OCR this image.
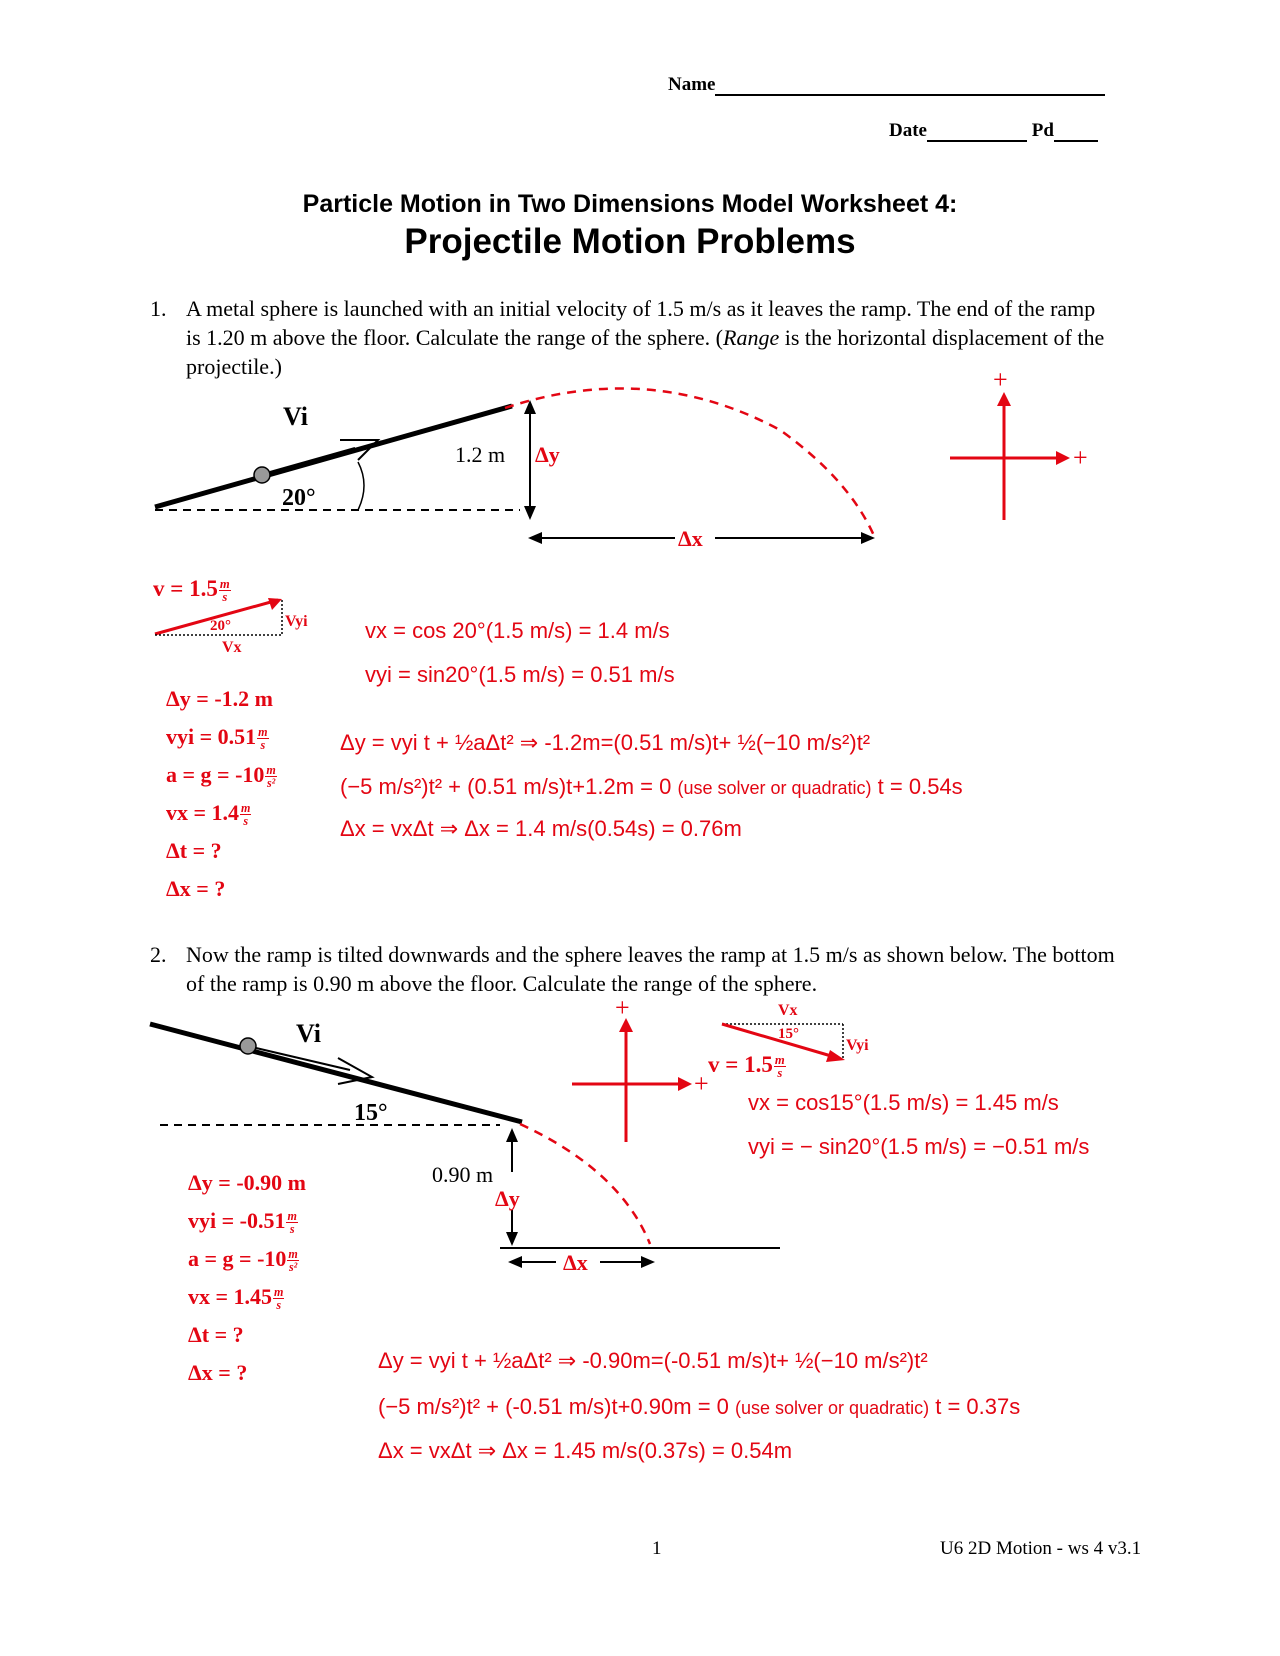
Name
Date	Pd
Particle Motion in Two Dimensions Model Worksheet 4:
Projectile Motion Problems
1. A metal sphere is launched with an initial velocity of 1.5 m/s as it leaves the ramp. The end of the ramp is 1.20 m above the floor. Calculate the range of the sphere. (Range is the horizontal displacement of the projectile.)
Vi
20°
1.2 m Δy
Δx
+
+
$v = 1.5 \frac{m}{s}$
20°	Vyi
Vx
Δy = -1.2 m
vyi = $0.51 \frac{m}{s}$
$a = g = -10 \frac{m}{\text{s²}}$
vx = $1.4 \frac{m}{s}$
Δt = ?
Δx = ?
vx = cos 20°(1.5 m/s) = 1.4 m/s
vyi = sin20°(1.5 m/s) = 0.51 m/s
Δy = vyi t + ½aΔt² ⇒ -1.2m=(0.51 m/s)t+ ½(−10 m/s²)t²
(−5 m/s²)t² + (0.51 m/s)t+1.2m = 0 (use solver or quadratic) t = 0.54s
Δx = vxΔt ⇒ Δx = 1.4 m/s(0.54s) = 0.76m
2. Now the ramp is tilted downwards and the sphere leaves the ramp at 1.5 m/s as shown below. The bottom of the ramp is 0.90 m above the floor. Calculate the range of the sphere.
Vi
15°
0.90 m
Δy
Δx
+
+
Vx
15°
Vyi
$v = 1.5 \frac{m}{s}$
vx = cos15°(1.5 m/s) = 1.45 m/s
vyi = − sin20°(1.5 m/s) = −0.51 m/s
Δy = -0.90 m
vyi = $-0.51 \frac{m}{s}$
$a = g = -10 \frac{m}{\text{s²}}$
vx = $1.45 \frac{m}{s}$
Δt = ?
Δx = ?	Δy = vyi t + ½aΔt² ⇒ -0.90m=(-0.51 m/s)t+ ½(−10 m/s²)t²
(−5 m/s²)t² + (-0.51 m/s)t+0.90m = 0 (use solver or quadratic) t = 0.37s
Δx = vxΔt ⇒ Δx = 1.45 m/s(0.37s) = 0.54m
1	U6 2D Motion - ws 4 v3.1
